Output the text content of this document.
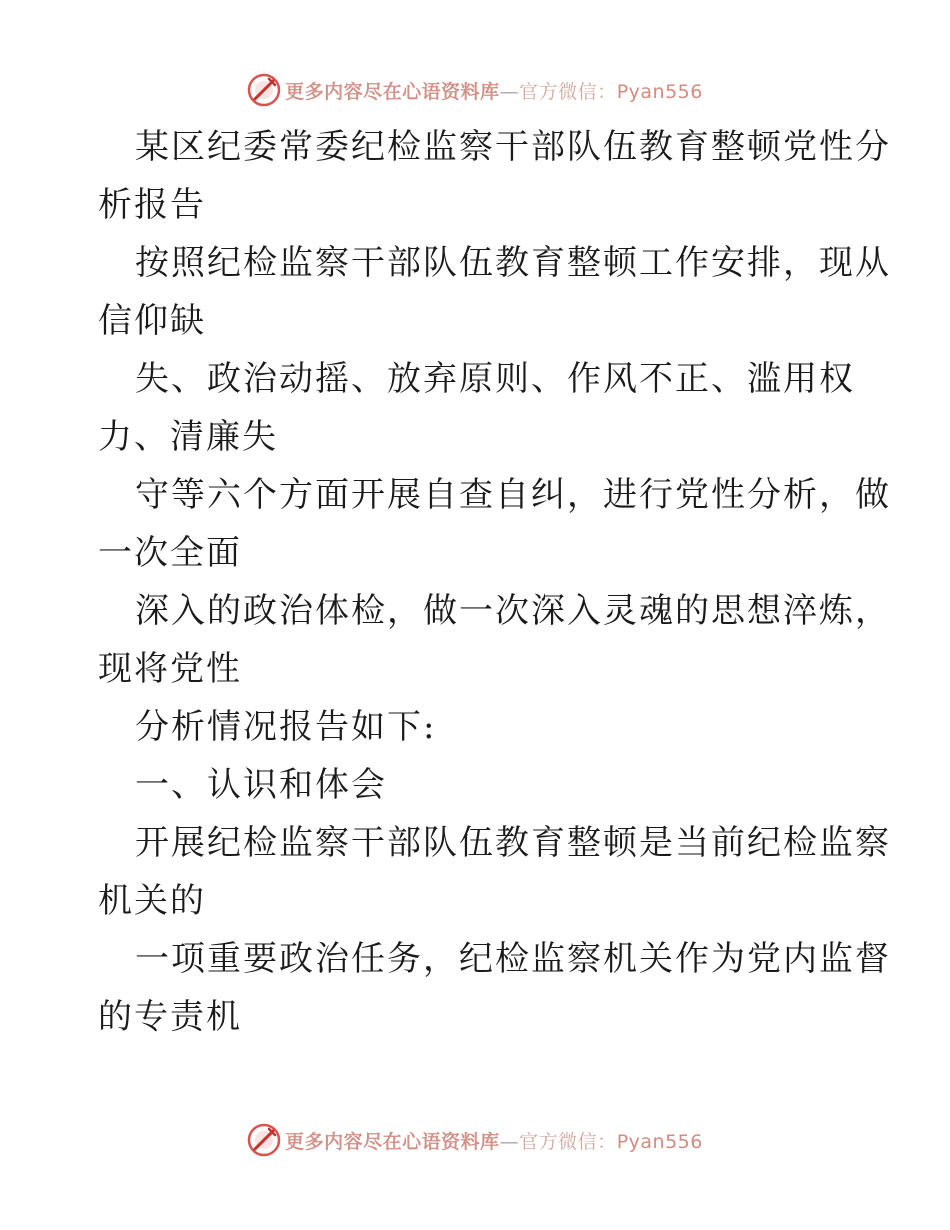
更多内容尽在心语资料库—官方微信：Pyan556
某区纪委常委纪检监察干部队伍教育整顿党性分
析报告
按照纪检监察干部队伍教育整顿工作安排，现从
信仰缺
失、政治动摇、放弃原则、作风不正、滥用权
力、清廉失
守等六个方面开展自查自纠，进行党性分析，做
一次全面
深入的政治体检，做一次深入灵魂的思想淬炼，
现将党性
分析情况报告如下:
一、认识和体会
开展纪检监察干部队伍教育整顿是当前纪检监察
机关的
一项重要政治任务，纪检监察机关作为党内监督
的专责机
更多内容尽在心语资料库—官方微信：Pyan556
